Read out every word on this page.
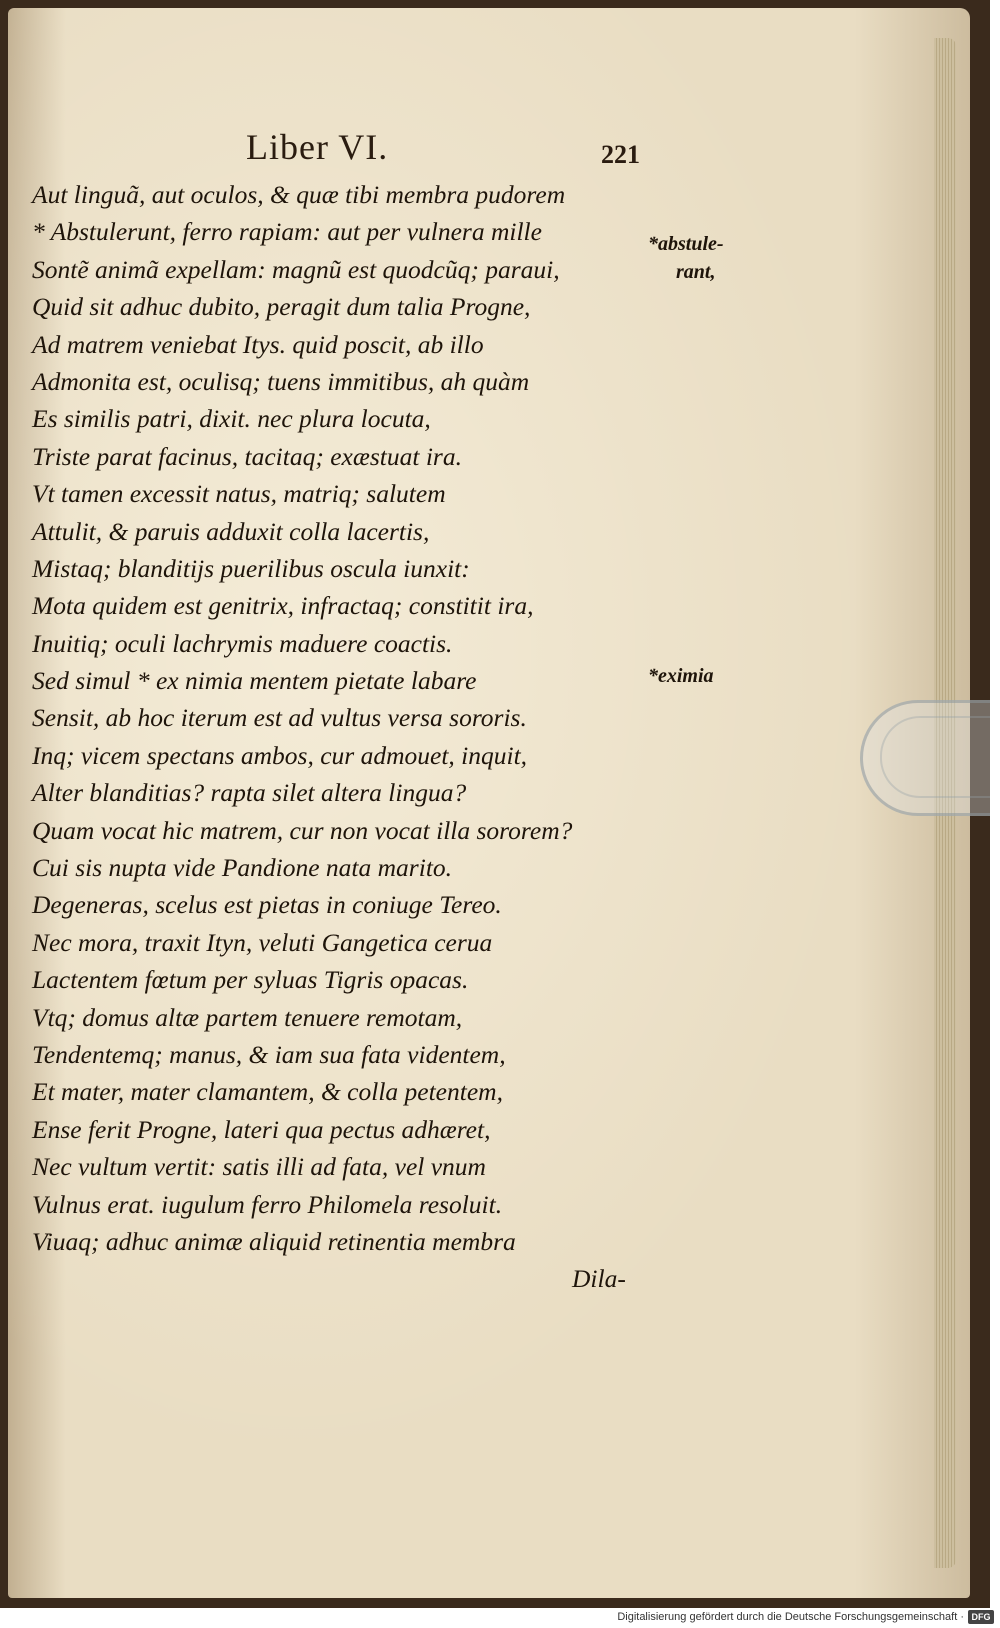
Liber VI.	221
Aut linguã, aut oculos, & quæ tibi membra pudorem
* Abstulerunt, ferro rapiam: aut per vulnera mille
Sontẽ animã expellam: magnũ est quodcũq; paraui,
Quid sit adhuc dubito, peragit dum talia Progne,
Ad matrem veniebat Itys. quid poscit, ab illo
Admonita est, oculisq; tuens immitibus, ah quàm
Es similis patri, dixit. nec plura locuta,
Triste parat facinus, tacitaq; exæstuat ira.
Vt tamen excessit natus, matriq; salutem
Attulit, & paruis adduxit colla lacertis,
Mistaq; blanditijs puerilibus oscula iunxit:
Mota quidem est genitrix, infractaq; constitit ira,
Inuitiq; oculi lachrymis maduere coactis.
Sed simul * ex nimia mentem pietate labare
Sensit, ab hoc iterum est ad vultus versa sororis.
Inq; vicem spectans ambos, cur admouet, inquit,
Alter blanditias? rapta silet altera lingua?
Quam vocat hic matrem, cur non vocat illa sororem?
Cui sis nupta vide Pandione nata marito.
Degeneras, scelus est pietas in coniuge Tereo.
Nec mora, traxit Ityn, veluti Gangetica cerua
Lactentem fœtum per syluas Tigris opacas.
Vtq; domus altæ partem tenuere remotam,
Tendentemq; manus, & iam sua fata videntem,
Et mater, mater clamantem, & colla petentem,
Ense ferit Progne, lateri qua pectus adhæret,
Nec vultum vertit: satis illi ad fata, vel vnum
Vulnus erat. iugulum ferro Philomela resoluit.
Viuaq; adhuc animæ aliquid retinentia membra
Dila-
*abstule-
rant,
*eximia
Digitalisierung gefördert durch die Deutsche Forschungsgemeinschaft · DFG
